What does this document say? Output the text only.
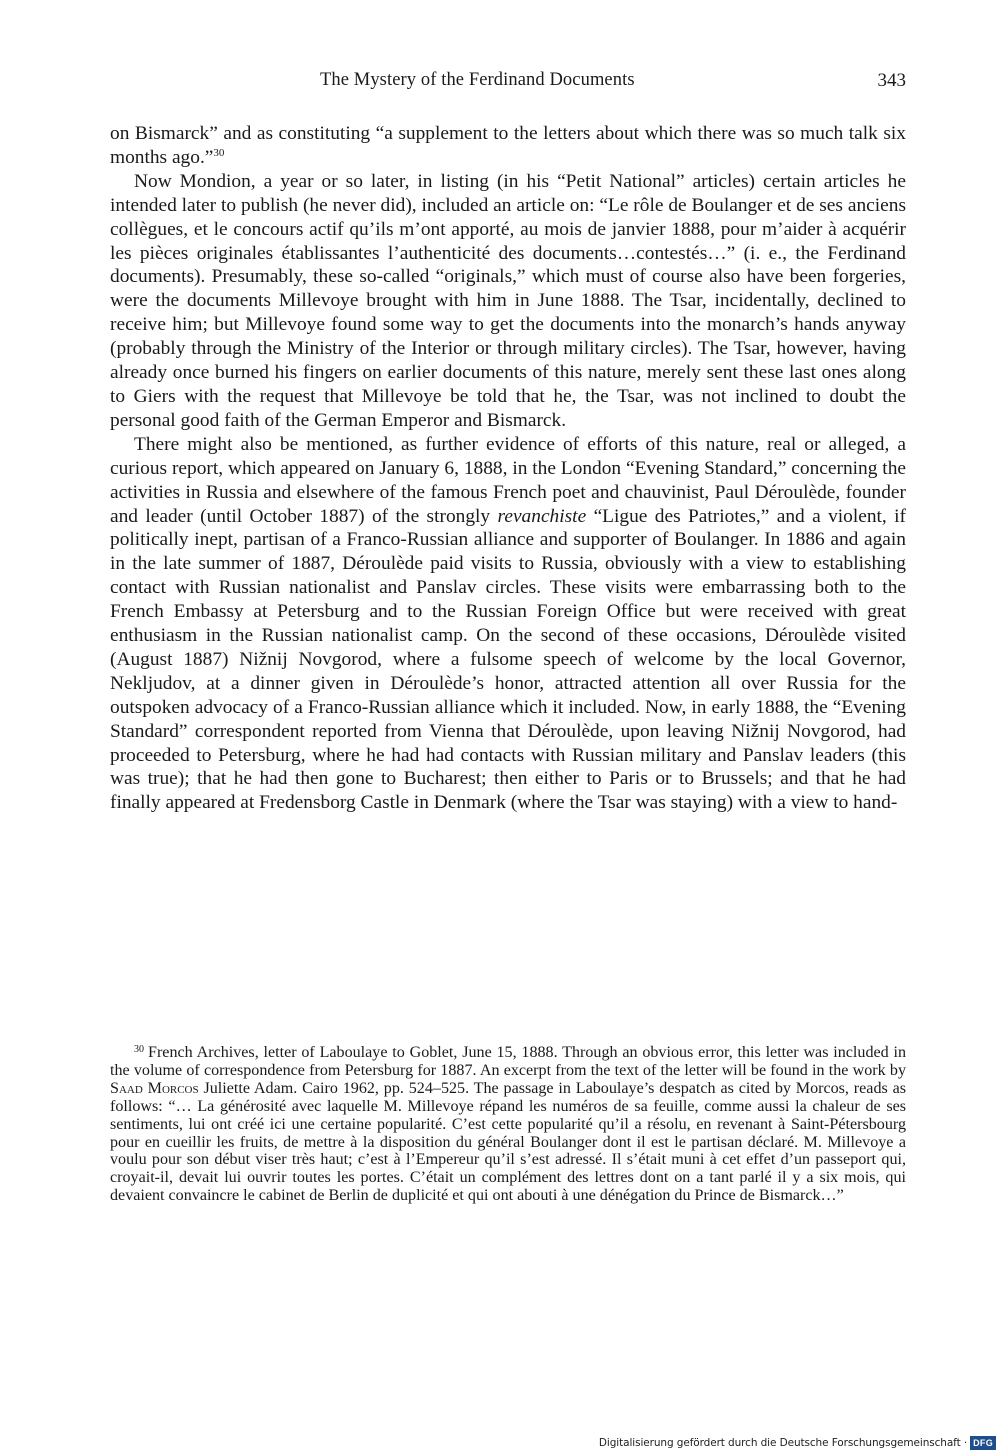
The Mystery of the Ferdinand Documents	343

on Bismarck” and as constituting “a supplement to the letters about which there was so much talk six months ago.”$^{30}$

Now Mondion, a year or so later, in listing (in his “Petit National” articles) certain articles he intended later to publish (he never did), included an article on: “Le rôle de Boulanger et de ses anciens collègues, et le concours actif qu’ils m’ont apporté, au mois de janvier 1888, pour m’aider à acquérir les pièces originales établissantes l’authenticité des documents…contestés…” (i. e., the Ferdinand documents). Presumably, these so-called “originals,” which must of course also have been forgeries, were the documents Millevoye brought with him in June 1888. The Tsar, incidentally, declined to receive him; but Millevoye found some way to get the documents into the monarch’s hands anyway (probably through the Ministry of the Interior or through military circles). The Tsar, however, having already once burned his fingers on earlier documents of this nature, merely sent these last ones along to Giers with the request that Millevoye be told that he, the Tsar, was not inclined to doubt the personal good faith of the German Emperor and Bismarck.

There might also be mentioned, as further evidence of efforts of this nature, real or alleged, a curious report, which appeared on January 6, 1888, in the London “Evening Standard,” concerning the activities in Russia and elsewhere of the famous French poet and chauvinist, Paul Déroulède, founder and leader (until October 1887) of the strongly revanchiste “Ligue des Patriotes,” and a violent, if politically inept, partisan of a Franco-Russian alliance and supporter of Boulanger. In 1886 and again in the late summer of 1887, Déroulède paid visits to Russia, obviously with a view to establishing contact with Russian nationalist and Panslav circles. These visits were embarrassing both to the French Embassy at Petersburg and to the Russian Foreign Office but were received with great enthusiasm in the Russian nationalist camp. On the second of these occasions, Déroulède visited (August 1887) Nižnij Novgorod, where a fulsome speech of welcome by the local Governor, Nekljudov, at a dinner given in Déroulède’s honor, attracted attention all over Russia for the outspoken advocacy of a Franco-Russian alliance which it included. Now, in early 1888, the “Evening Standard” correspondent reported from Vienna that Déroulède, upon leaving Nižnij Novgorod, had proceeded to Petersburg, where he had had contacts with Russian military and Panslav leaders (this was true); that he had then gone to Bucharest; then either to Paris or to Brussels; and that he had finally appeared at Fredensborg Castle in Denmark (where the Tsar was staying) with a view to hand-

$^{30}$ French Archives, letter of Laboulaye to Goblet, June 15, 1888. Through an obvious error, this letter was included in the volume of correspondence from Petersburg for 1887. An excerpt from the text of the letter will be found in the work by Saad Morcos Juliette Adam. Cairo 1962, pp. 524–525. The passage in Laboulaye’s despatch as cited by Morcos, reads as follows: “… La générosité avec laquelle M. Millevoye répand les numéros de sa feuille, comme aussi la chaleur de ses sentiments, lui ont créé ici une certaine popularité. C’est cette popularité qu’il a résolu, en revenant à Saint-Pétersbourg pour en cueillir les fruits, de mettre à la disposition du général Boulanger dont il est le partisan déclaré. M. Millevoye a voulu pour son début viser très haut; c’est à l’Empereur qu’il s’est adressé. Il s’était muni à cet effet d’un passeport qui, croyait-il, devait lui ouvrir toutes les portes. C’était un complément des lettres dont on a tant parlé il y a six mois, qui devaient convaincre le cabinet de Berlin de duplicité et qui ont abouti à une dénégation du Prince de Bismarck…”

Digitalisierung gefördert durch die Deutsche Forschungsgemeinschaft · DFG
